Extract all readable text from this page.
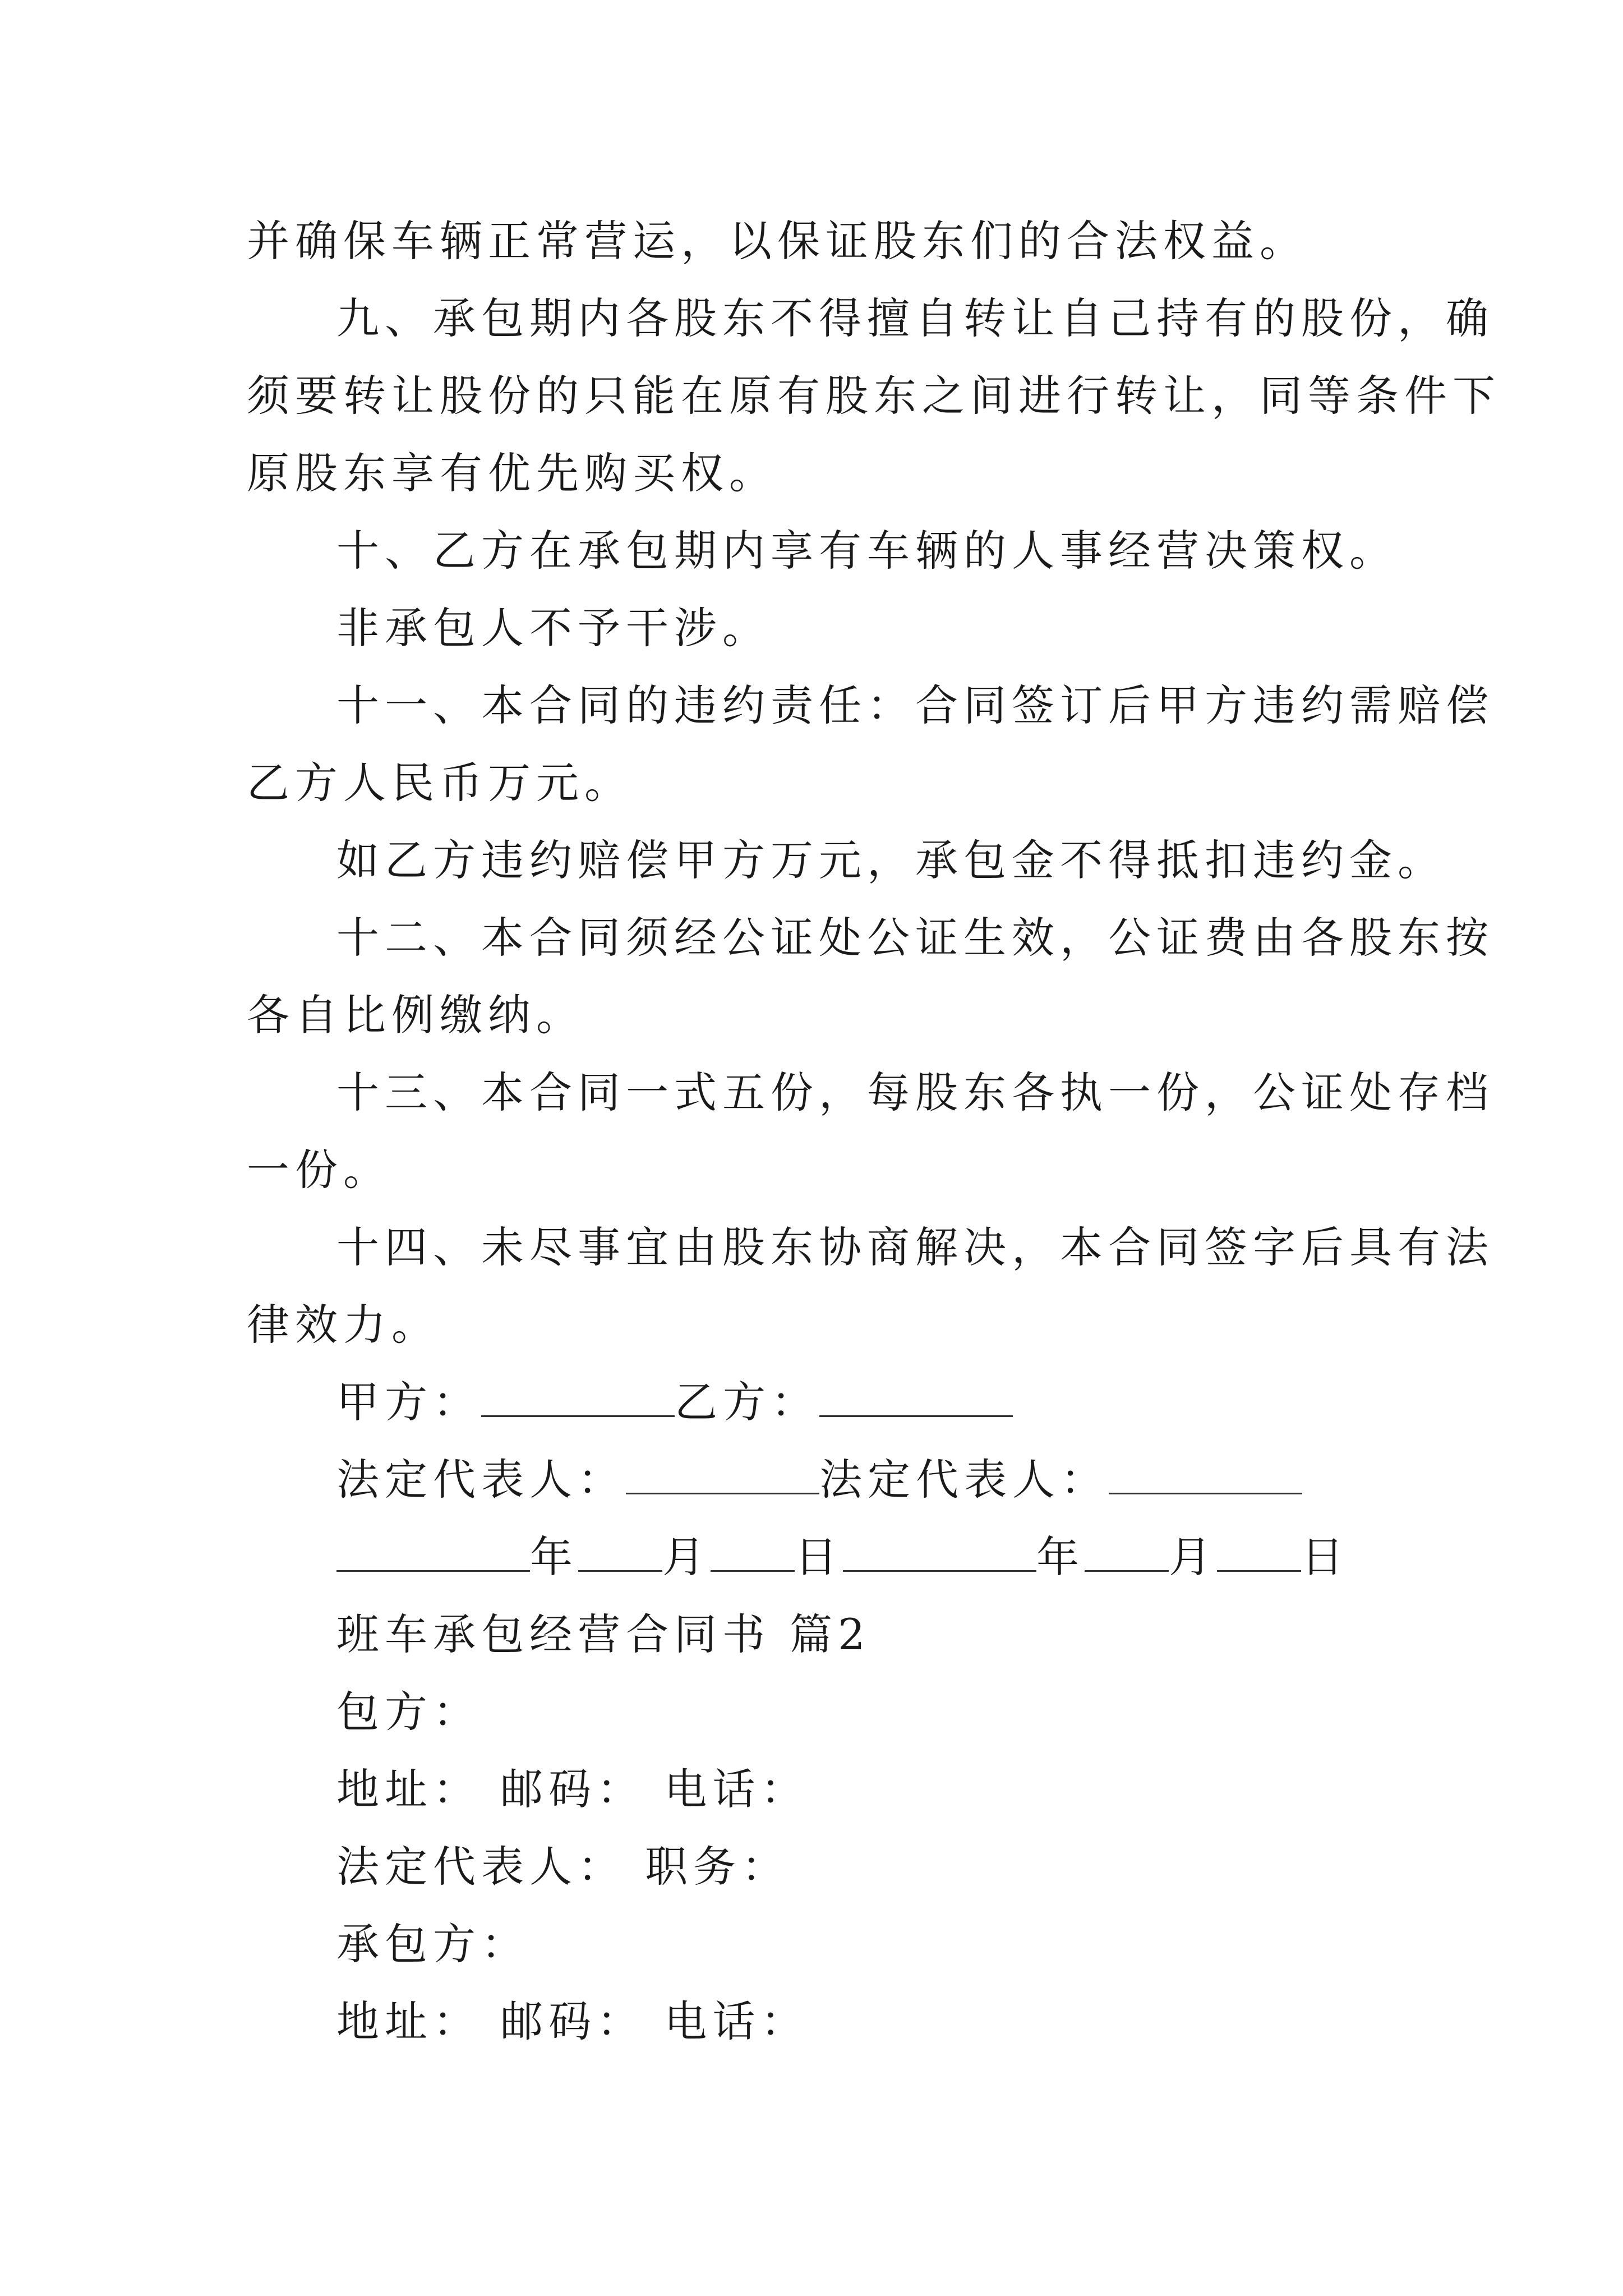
并确保车辆正常营运，以保证股东们的合法权益。
九、承包期内各股东不得擅自转让自己持有的股份，确
须要转让股份的只能在原有股东之间进行转让，同等条件下
原股东享有优先购买权。
十、乙方在承包期内享有车辆的人事经营决策权。
非承包人不予干涉。
十一、本合同的违约责任：合同签订后甲方违约需赔偿
乙方人民币万元。
如乙方违约赔偿甲方万元，承包金不得抵扣违约金。
十二、本合同须经公证处公证生效，公证费由各股东按
各自比例缴纳。
十三、本合同一式五份，每股东各执一份，公证处存档
一份。
十四、未尽事宜由股东协商解决，本合同签字后具有法
律效力。
甲方：	乙方：
法定代表人：	法定代表人：
年 月 日	年 月 日
班车承包经营合同书 篇2
包方：
地址： 邮码： 电话：
法定代表人： 职务：
承包方：
地址： 邮码： 电话：
